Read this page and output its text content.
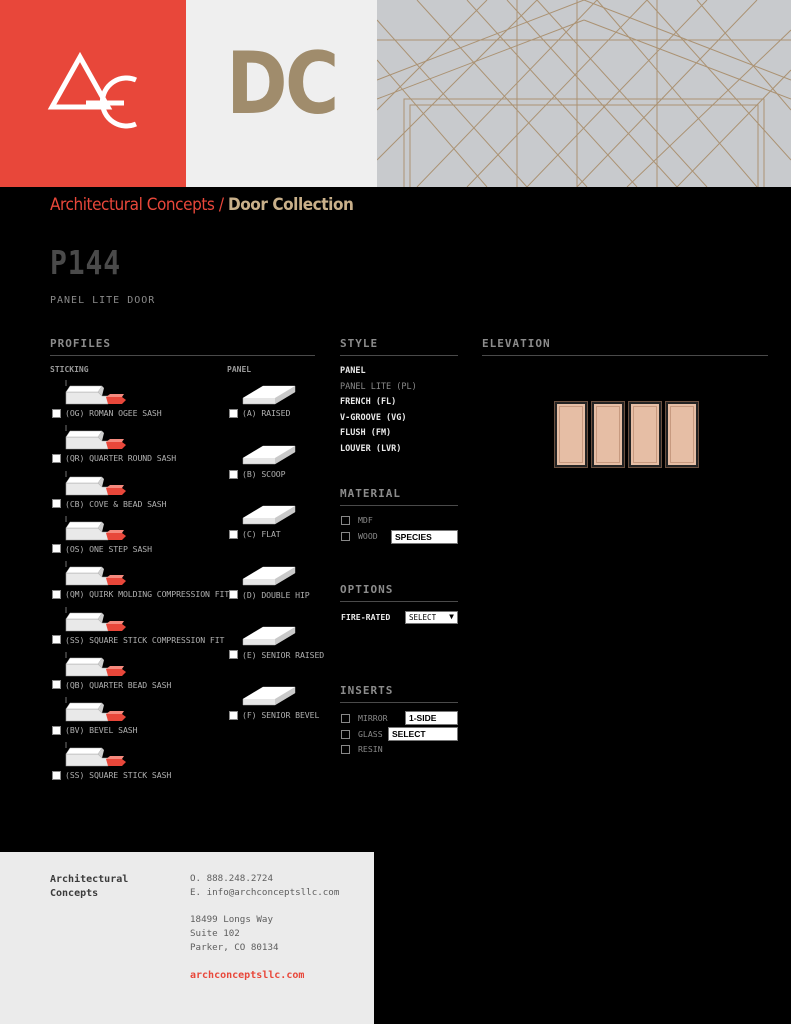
DC
Architectural Concepts / Door Collection
P144
PANEL LITE DOOR
PROFILES	STYLE	ELEVATION
MATERIAL
OPTIONS
INSERTS
STICKING	PANEL
(OG) ROMAN OGEE SASH
(QR) QUARTER ROUND SASH
(CB) COVE & BEAD SASH
(OS) ONE STEP SASH
(QM) QUIRK MOLDING COMPRESSION FIT
(SS) SQUARE STICK COMPRESSION FIT
(QB) QUARTER BEAD SASH
(BV) BEVEL SASH
(SS) SQUARE STICK SASH
(A) RAISED
(B) SCOOP
(C) FLAT
(D) DOUBLE HIP
(E) SENIOR RAISED
(F) SENIOR BEVEL
PANEL
PANEL LITE (PL)
FRENCH (FL)
V-GROOVE (VG)
FLUSH (FM)
LOUVER (LVR)
MDF
WOOD	SPECIES
FIRE-RATED	SELECT ▼
MIRROR	1-SIDE
GLASS	SELECT
RESIN
Architectural Concepts
O. 888.248.2724
E. info@archconceptsllc.com
18499 Longs Way
Suite 102
Parker, CO 80134
archconceptsllc.com
